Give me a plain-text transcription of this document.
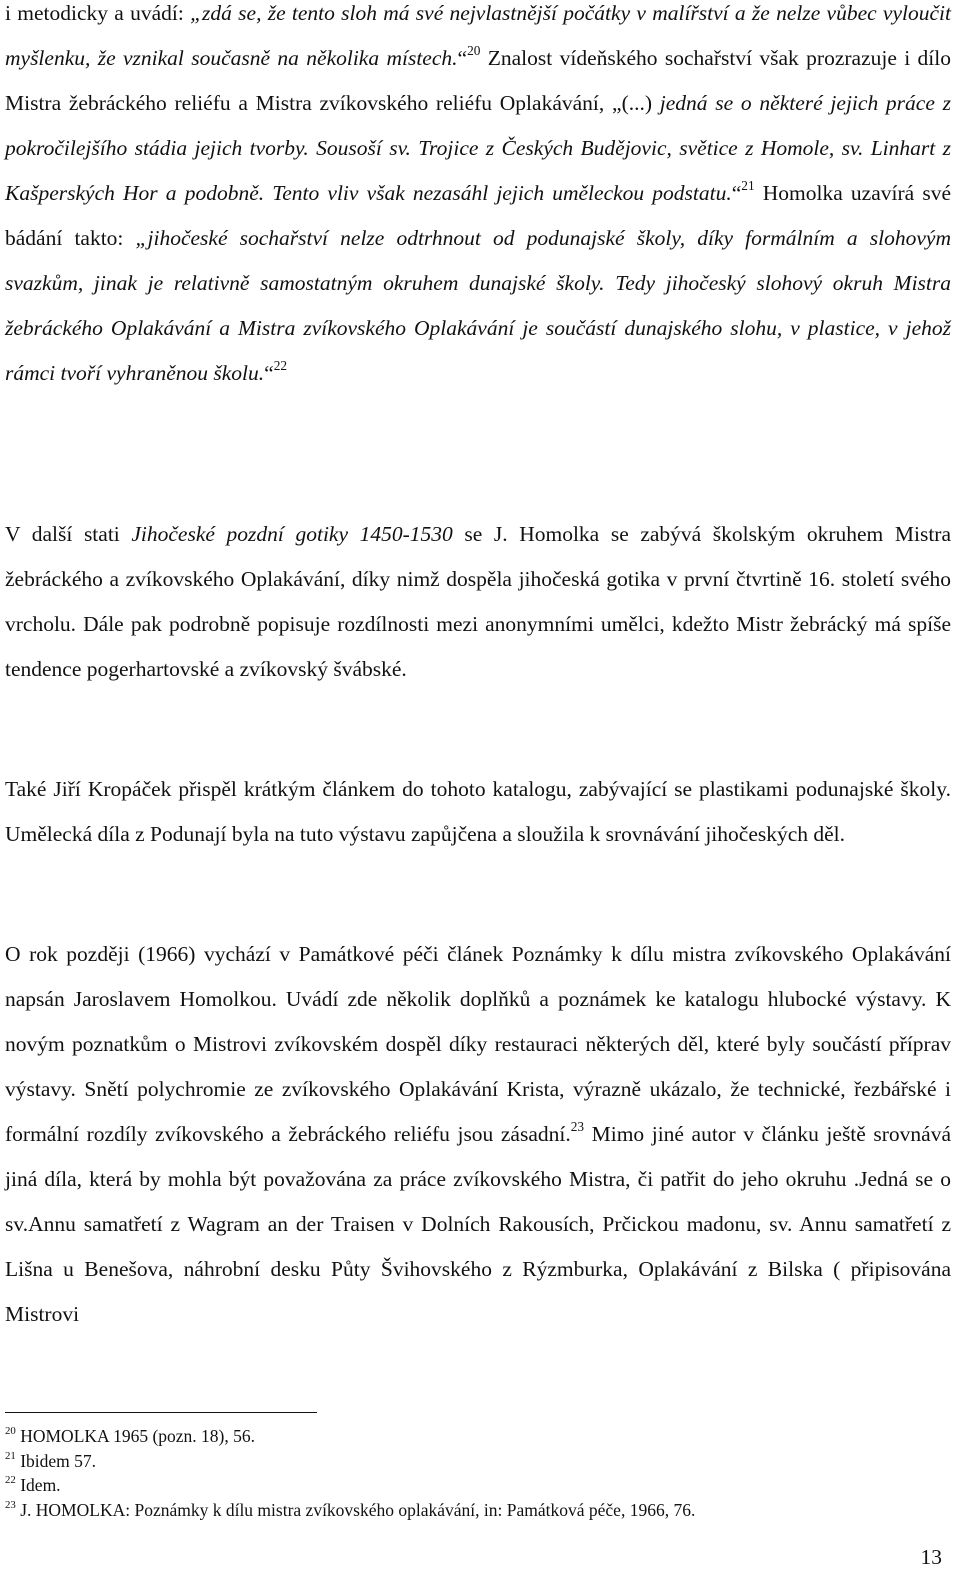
i metodicky a uvádí: „zdá se, že tento sloh má své nejvlastnější počátky v malířství a že nelze vůbec vyloučit myšlenku, že vznikal současně na několika místech.“$^{20}$ Znalost vídeňského sochařství však prozrazuje i dílo Mistra žebráckého reliéfu a Mistra zvíkovského reliéfu Oplakávání, „(...) jedná se o některé jejich práce z pokročilejšího stádia jejich tvorby. Sousoší sv. Trojice z Českých Budějovic, světice z Homole, sv. Linhart z Kašperských Hor a podobně. Tento vliv však nezasáhl jejich uměleckou podstatu.“$^{21}$ Homolka uzavírá své bádání takto: „jihočeské sochařství nelze odtrhnout od podunajské školy, díky formálním a slohovým svazkům, jinak je relativně samostatným okruhem dunajské školy. Tedy jihočeský slohový okruh Mistra žebráckého Oplakávání a Mistra zvíkovského Oplakávání je součástí dunajského slohu, v plastice, v jehož rámci tvoří vyhraněnou školu.“$^{22}$

V další stati Jihočeské pozdní gotiky 1450-1530 se J. Homolka se zabývá školským okruhem Mistra žebráckého a zvíkovského Oplakávání, díky nimž dospěla jihočeská gotika v první čtvrtině 16. století svého vrcholu. Dále pak podrobně popisuje rozdílnosti mezi anonymními umělci, kdežto Mistr žebrácký má spíše tendence pogerhartovské a zvíkovský švábské.

Také Jiří Kropáček přispěl krátkým článkem do tohoto katalogu, zabývající se plastikami podunajské školy. Umělecká díla z Podunají byla na tuto výstavu zapůjčena a sloužila k srovnávání jihočeských děl.

O rok později (1966) vychází v Památkové péči článek Poznámky k dílu mistra zvíkovského Oplakávání napsán Jaroslavem Homolkou. Uvádí zde několik doplňků a poznámek ke katalogu hlubocké výstavy. K novým poznatkům o Mistrovi zvíkovském dospěl díky restauraci některých děl, které byly součástí příprav výstavy. Snětí polychromie ze zvíkovského Oplakávání Krista, výrazně ukázalo, že technické, řezbářské i formální rozdíly zvíkovského a žebráckého reliéfu jsou zásadní.$^{23}$ Mimo jiné autor v článku ještě srovnává jiná díla, která by mohla být považována za práce zvíkovského Mistra, či patřit do jeho okruhu .Jedná se o sv.Annu samatřetí z Wagram an der Traisen v Dolních Rakousích, Prčickou madonu, sv. Annu samatřetí z Lišna u Benešova, náhrobní desku Půty Švihovského z Rýzmburka, Oplakávání z Bilska ( připisována Mistrovi

$^{20}$ HOMOLKA 1965 (pozn. 18), 56.

$^{21}$ Ibidem 57.

$^{22}$ Idem.

$^{23}$ J. HOMOLKA: Poznámky k dílu mistra zvíkovského oplakávání, in: Památková péče, 1966, 76.

13
